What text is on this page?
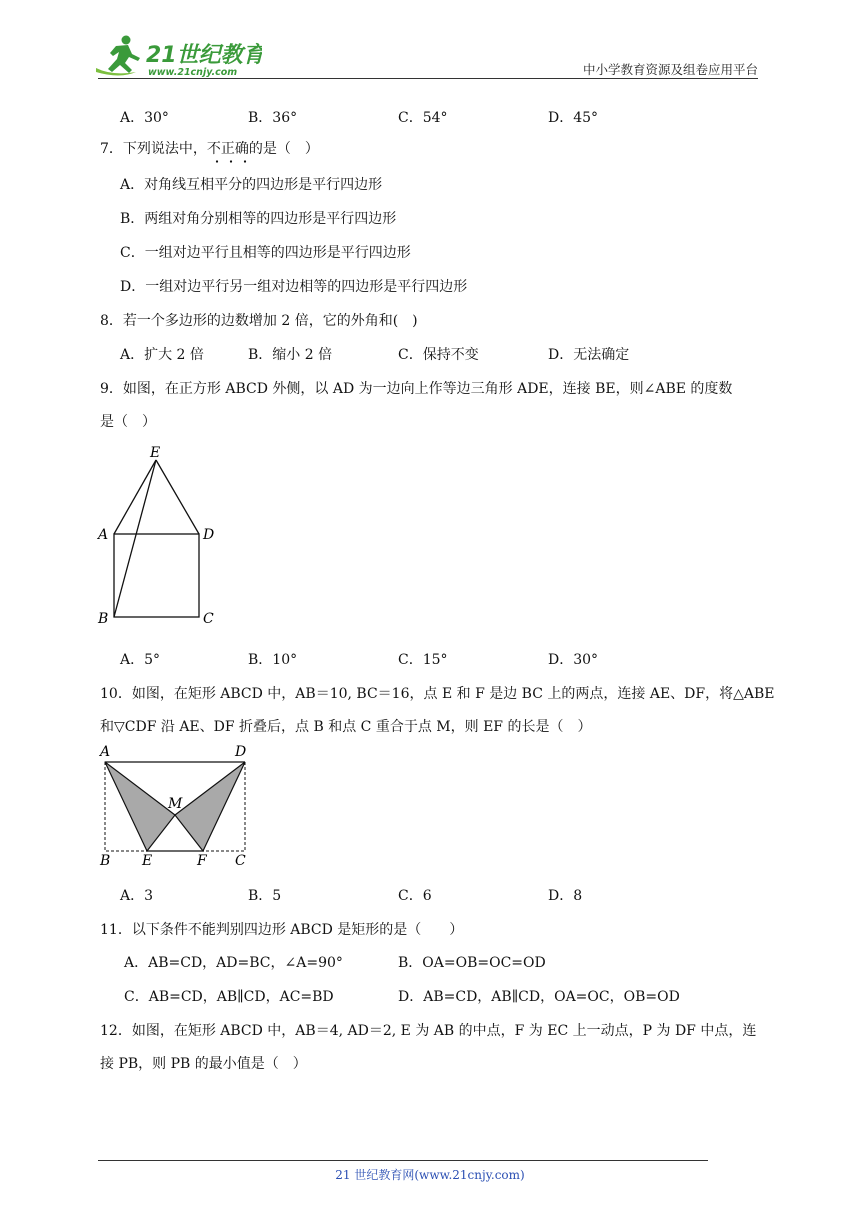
21世纪教育
www.21cnjy.com	中小学教育资源及组卷应用平台
A．30°	B．36°	C．54°	D．45°
7．下列说法中，不正确的是（　）
A．对角线互相平分的四边形是平行四边形
B．两组对角分别相等的四边形是平行四边形
C．一组对边平行且相等的四边形是平行四边形
D．一组对边平行另一组对边相等的四边形是平行四边形
8．若一个多边形的边数增加 2 倍，它的外角和(　)
A．扩大 2 倍	B．缩小 2 倍	C．保持不变	D．无法确定
9．如图，在正方形 ABCD 外侧，以 AD 为一边向上作等边三角形 ADE，连接 BE，则∠ABE 的度数
是（　）
E
A	D
B	C
A．5°	B．10°	C．15°	D．30°
10．如图，在矩形 ABCD 中，AB＝10, BC＝16，点 E 和 F 是边 BC 上的两点，连接 AE、DF，将△ABE
和▽CDF 沿 AE、DF 折叠后，点 B 和点 C 重合于点 M，则 EF 的长是（　）
A	D
M
B E	F C
A．3	B．5	C．6	D．8
11．以下条件不能判别四边形 ABCD 是矩形的是（　　）
A．AB=CD，AD=BC，∠A=90°	B．OA=OB=OC=OD
C．AB=CD，AB∥CD，AC=BD	D．AB=CD，AB∥CD，OA=OC，OB=OD
12．如图，在矩形 ABCD 中，AB＝4, AD＝2, E 为 AB 的中点，F 为 EC 上一动点，P 为 DF 中点，连
接 PB，则 PB 的最小值是（　）
21 世纪教育网(www.21cnjy.com)
